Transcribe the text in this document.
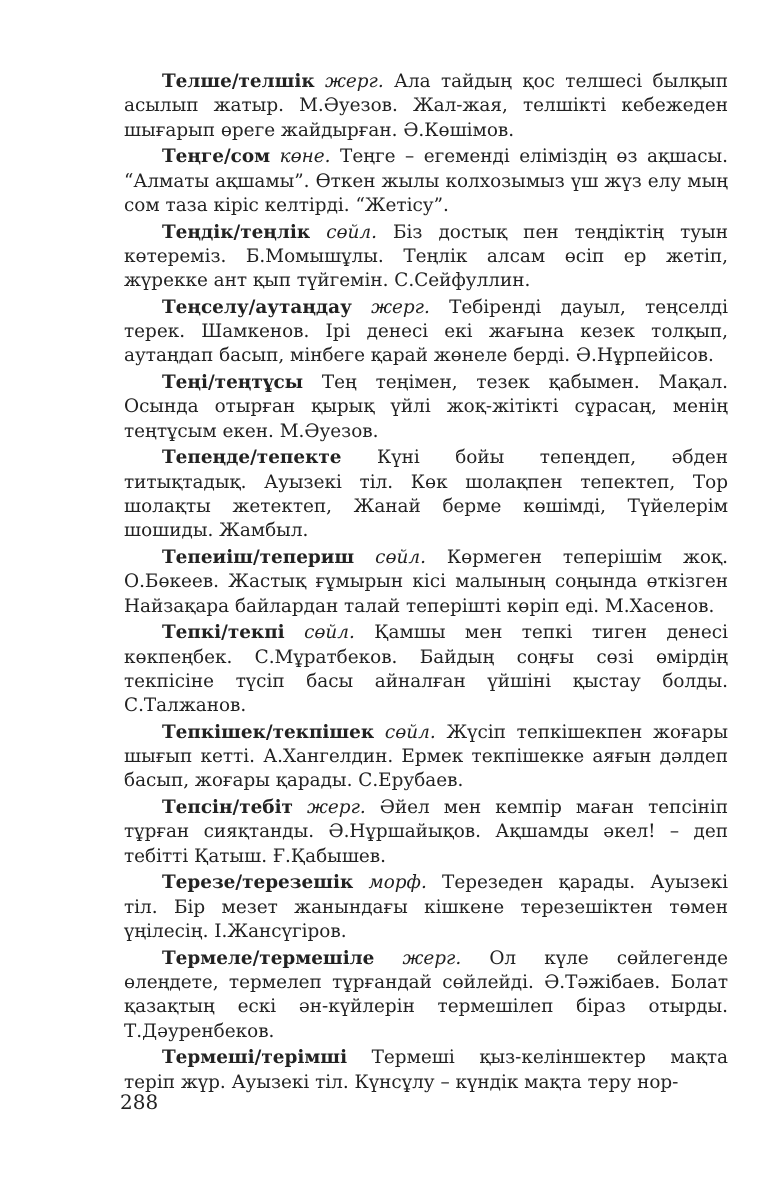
Телше/телшік жерг. Ала тайдың қос телшесі былқып асылып жатыр. М.Әуезов. Жал-жая, телшікті кебежеден шығарып өреге жайдырған. Ә.Көшімов.

Теңге/сом көне. Теңге – егеменді еліміздің өз ақшасы. “Алматы ақшамы”. Өткен жылы колхозымыз үш жүз елу мың сом таза кіріс келтірді. “Жетісу”.

Теңдік/теңлік сөйл. Біз достық пен теңдіктің туын көтереміз. Б.Момышұлы. Теңлік алсам өсіп ер жетіп, жүрекке ант қып түйгемін. С.Сейфуллин.

Теңселу/аутаңдау жерг. Тебіренді дауыл, теңселді терек. Шамкенов. Ірі денесі екі жағына кезек толқып, аутаңдап басып, мінбеге қарай жөнеле берді. Ә.Нұрпейісов.

Теңі/теңтұсы Тең теңімен, тезек қабымен. Мақал. Осында отырған қырық үйлі жоқ-жітікті сұрасаң, менің теңтұсым екен. М.Әуезов.

Тепеңде/тепекте Күні бойы тепеңдеп, әбден титықтадық. Ауызекі тіл. Көк шолақпен тепектеп, Тор шолақты жетектеп, Жанай берме көшімді, Түйелерім шошиды. Жамбыл.

Тепеиіш/тепериш сөйл. Көрмеген теперішім жоқ. О.Бөкеев. Жастық ғұмырын кісі малының соңында өткізген Найзақара байлардан талай теперішті көріп еді. М.Хасенов.

Тепкі/текпі сөйл. Қамшы мен тепкі тиген денесі көкпеңбек. С.Мұратбеков. Байдың соңғы сөзі өмірдің текпісіне түсіп басы айналған үйшіні қыстау болды. С.Талжанов.

Тепкішек/текпішек сөйл. Жүсіп тепкішекпен жоғары шығып кетті. А.Хангелдин. Ермек текпішекке аяғын дәлдеп басып, жоғары қарады. С.Ерубаев.

Тепсін/тебіт жерг. Әйел мен кемпір маған тепсініп тұрған сияқтанды. Ә.Нұршайықов. Ақшамды әкел! – деп тебітті Қатыш. Ғ.Қабышев.

Терезе/терезешік морф. Терезеден қарады. Ауызекі тіл. Бір мезет жанындағы кішкене терезешіктен төмен үңілесің. І.Жансүгіров.

Термеле/термешіле жерг. Ол күле сөйлегенде өлеңдете, термелеп тұрғандай сөйлейді. Ә.Тәжібаев. Болат қазақтың ескі ән-күйлерін термешілеп біраз отырды. Т.Дәуренбеков.

Термеші/терімші Термеші қыз-келіншектер мақта теріп жүр. Ауызекі тіл. Күнсұлу – күндік мақта теру нор-

288
